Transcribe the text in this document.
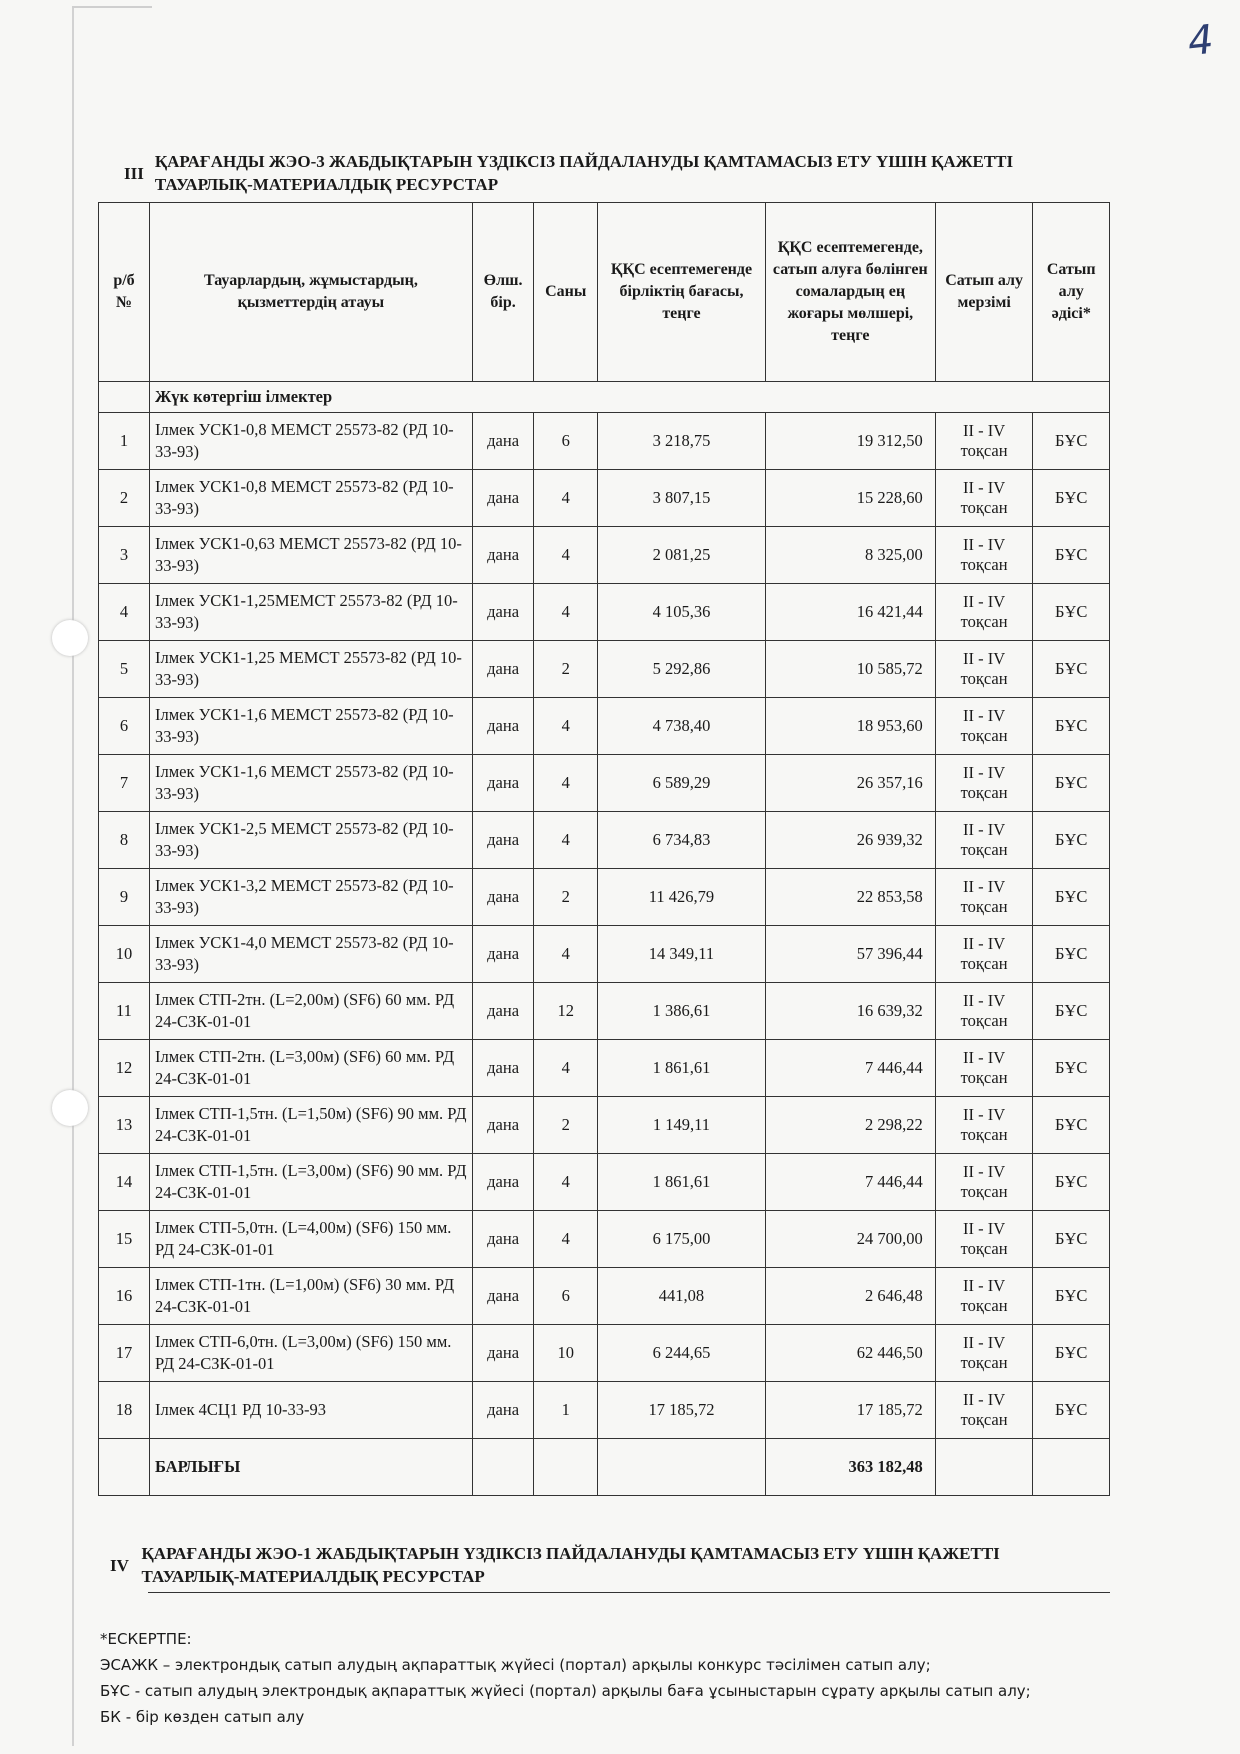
4
III
ҚАРАҒАНДЫ ЖЭО-3 ЖАБДЫҚТАРЫН ҮЗДІКСІЗ ПАЙДАЛАНУДЫ ҚАМТАМАСЫЗ ЕТУ ҮШІН ҚАЖЕТТІ ТАУАРЛЫҚ-МАТЕРИАЛДЫҚ РЕСУРСТАР
р/б №	Тауарлардың, жұмыстардың, қызметтердің атауы	Өлш. бір.	Саны	ҚҚС есептемегенде бірліктің бағасы, теңге	ҚҚС есептемегенде, сатып алуға бөлінген сомалардың ең жоғары мөлшері, теңге	Сатып алу мерзімі	Сатып алу әдісі*
	Жүк көтергіш ілмектер						
1	Ілмек УСК1-0,8 МЕМСТ 25573-82 (РД 10-33-93)	дана	6	3 218,75	19 312,50	II - IV тоқсан	БҰС
2	Ілмек УСК1-0,8 МЕМСТ 25573-82 (РД 10-33-93)	дана	4	3 807,15	15 228,60	II - IV тоқсан	БҰС
3	Ілмек УСК1-0,63 МЕМСТ 25573-82 (РД 10-33-93)	дана	4	2 081,25	8 325,00	II - IV тоқсан	БҰС
4	Ілмек УСК1-1,25МЕМСТ 25573-82 (РД 10-33-93)	дана	4	4 105,36	16 421,44	II - IV тоқсан	БҰС
5	Ілмек УСК1-1,25 МЕМСТ 25573-82 (РД 10-33-93)	дана	2	5 292,86	10 585,72	II - IV тоқсан	БҰС
6	Ілмек УСК1-1,6 МЕМСТ 25573-82 (РД 10-33-93)	дана	4	4 738,40	18 953,60	II - IV тоқсан	БҰС
7	Ілмек УСК1-1,6 МЕМСТ 25573-82 (РД 10-33-93)	дана	4	6 589,29	26 357,16	II - IV тоқсан	БҰС
8	Ілмек УСК1-2,5 МЕМСТ 25573-82 (РД 10-33-93)	дана	4	6 734,83	26 939,32	II - IV тоқсан	БҰС
9	Ілмек УСК1-3,2 МЕМСТ 25573-82 (РД 10-33-93)	дана	2	11 426,79	22 853,58	II - IV тоқсан	БҰС
10	Ілмек УСК1-4,0 МЕМСТ 25573-82 (РД 10-33-93)	дана	4	14 349,11	57 396,44	II - IV тоқсан	БҰС
11	Ілмек СТП-2тн. (L=2,00м) (SF6) 60 мм. РД 24-СЗК-01-01	дана	12	1 386,61	16 639,32	II - IV тоқсан	БҰС
12	Ілмек СТП-2тн. (L=3,00м) (SF6) 60 мм. РД 24-СЗК-01-01	дана	4	1 861,61	7 446,44	II - IV тоқсан	БҰС
13	Ілмек СТП-1,5тн. (L=1,50м) (SF6) 90 мм. РД 24-СЗК-01-01	дана	2	1 149,11	2 298,22	II - IV тоқсан	БҰС
14	Ілмек СТП-1,5тн. (L=3,00м) (SF6) 90 мм. РД 24-СЗК-01-01	дана	4	1 861,61	7 446,44	II - IV тоқсан	БҰС
15	Ілмек СТП-5,0тн. (L=4,00м) (SF6) 150 мм. РД 24-СЗК-01-01	дана	4	6 175,00	24 700,00	II - IV тоқсан	БҰС
16	Ілмек СТП-1тн. (L=1,00м) (SF6) 30 мм. РД 24-СЗК-01-01	дана	6	441,08	2 646,48	II - IV тоқсан	БҰС
17	Ілмек СТП-6,0тн. (L=3,00м) (SF6) 150 мм. РД 24-СЗК-01-01	дана	10	6 244,65	62 446,50	II - IV тоқсан	БҰС
18	Ілмек 4СЦ1 РД 10-33-93	дана	1	17 185,72	17 185,72	II - IV тоқсан	БҰС
	БАРЛЫҒЫ				363 182,48		
IV
ҚАРАҒАНДЫ ЖЭО-1 ЖАБДЫҚТАРЫН ҮЗДІКСІЗ ПАЙДАЛАНУДЫ ҚАМТАМАСЫЗ ЕТУ ҮШІН ҚАЖЕТТІ ТАУАРЛЫҚ-МАТЕРИАЛДЫҚ РЕСУРСТАР
*ЕСКЕРТПЕ:
ЭСАЖК – электрондық сатып алудың ақпараттық жүйесі (портал) арқылы конкурс тәсілімен сатып алу;
БҰС - сатып алудың электрондық ақпараттық жүйесі (портал) арқылы баға ұсыныстарын сұрату арқылы сатып алу;
БК - бір көзден сатып алу
